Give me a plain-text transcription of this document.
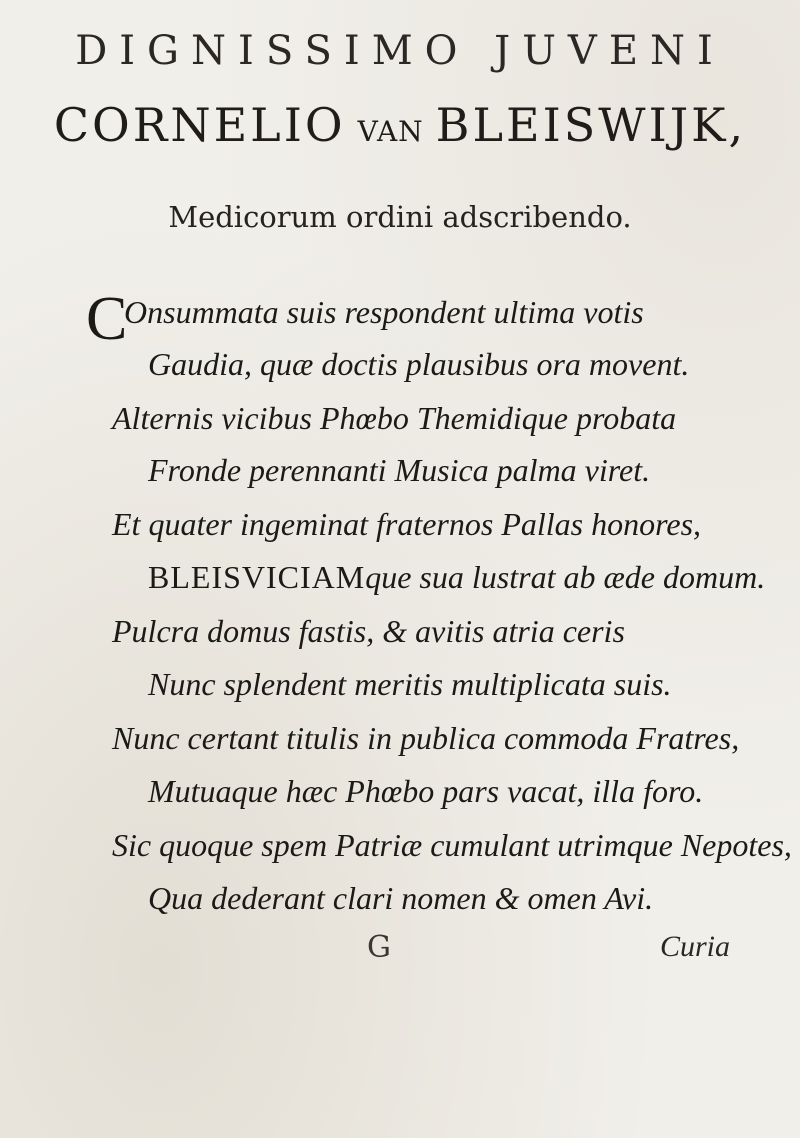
DIGNISSIMO JUVENI
CORNELIO VAN BLEISWIJK,
Medicorum ordini adscribendo.
C
Onsummata suis respondent ultima votis
Gaudia, quæ doctis plausibus ora movent.
Alternis vicibus Phœbo Themidique probata
Fronde perennanti Musica palma viret.
Et quater ingeminat fraternos Pallas honores,
BLEISVICIAMque sua lustrat ab æde domum.
Pulcra domus fastis, & avitis atria ceris
Nunc splendent meritis multiplicata suis.
Nunc certant titulis in publica commoda Fratres,
Mutuaque hæc Phœbo pars vacat, illa foro.
Sic quoque spem Patriæ cumulant utrimque Nepotes,
Qua dederant clari nomen & omen Avi.
G	Curia
